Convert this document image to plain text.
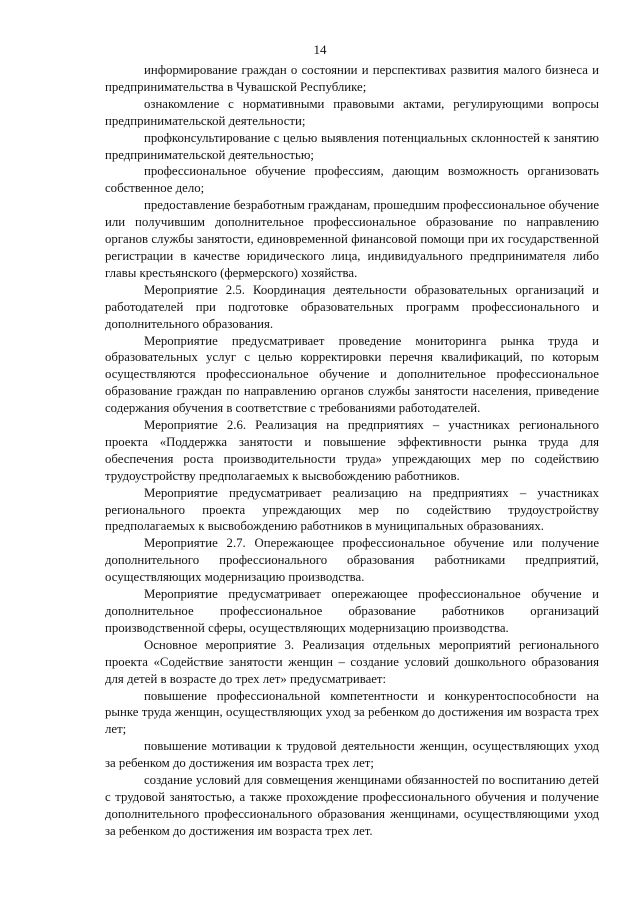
14

информирование граждан о состоянии и перспективах развития малого бизнеса и предпринимательства в Чувашской Республике;

ознакомление с нормативными правовыми актами, регулирующими вопросы предпринимательской деятельности;

профконсультирование с целью выявления потенциальных склонностей к занятию предпринимательской деятельностью;

профессиональное обучение профессиям, дающим возможность организовать собственное дело;

предоставление безработным гражданам, прошедшим профессиональное обучение или получившим дополнительное профессиональное образование по направлению органов службы занятости, единовременной финансовой помощи при их государственной регистрации в качестве юридического лица, индивидуального предпринимателя либо главы крестьянского (фермерского) хозяйства.

Мероприятие 2.5. Координация деятельности образовательных организаций и работодателей при подготовке образовательных программ профессионального и дополнительного образования.

Мероприятие предусматривает проведение мониторинга рынка труда и образовательных услуг с целью корректировки перечня квалификаций, по которым осуществляются профессиональное обучение и дополнительное профессиональное образование граждан по направлению органов службы занятости населения, приведение содержания обучения в соответствие с требованиями работодателей.

Мероприятие 2.6. Реализация на предприятиях – участниках регионального проекта «Поддержка занятости и повышение эффективности рынка труда для обеспечения роста производительности труда» упреждающих мер по содействию трудоустройству предполагаемых к высвобождению работников.

Мероприятие предусматривает реализацию на предприятиях – участниках регионального проекта упреждающих мер по содействию трудоустройству предполагаемых к высвобождению работников в муниципальных образованиях.

Мероприятие 2.7. Опережающее профессиональное обучение или получение дополнительного профессионального образования работниками предприятий, осуществляющих модернизацию производства.

Мероприятие предусматривает опережающее профессиональное обучение и дополнительное профессиональное образование работников организаций производственной сферы, осуществляющих модернизацию производства.

Основное мероприятие 3. Реализация отдельных мероприятий регионального проекта «Содействие занятости женщин – создание условий дошкольного образования для детей в возрасте до трех лет» предусматривает:

повышение профессиональной компетентности и конкурентоспособности на рынке труда женщин, осуществляющих уход за ребенком до достижения им возраста трех лет;

повышение мотивации к трудовой деятельности женщин, осуществляющих уход за ребенком до достижения им возраста трех лет;

создание условий для совмещения женщинами обязанностей по воспитанию детей с трудовой занятостью, а также прохождение профессионального обучения и получение дополнительного профессионального образования женщинами, осуществляющими уход за ребенком до достижения им возраста трех лет.
